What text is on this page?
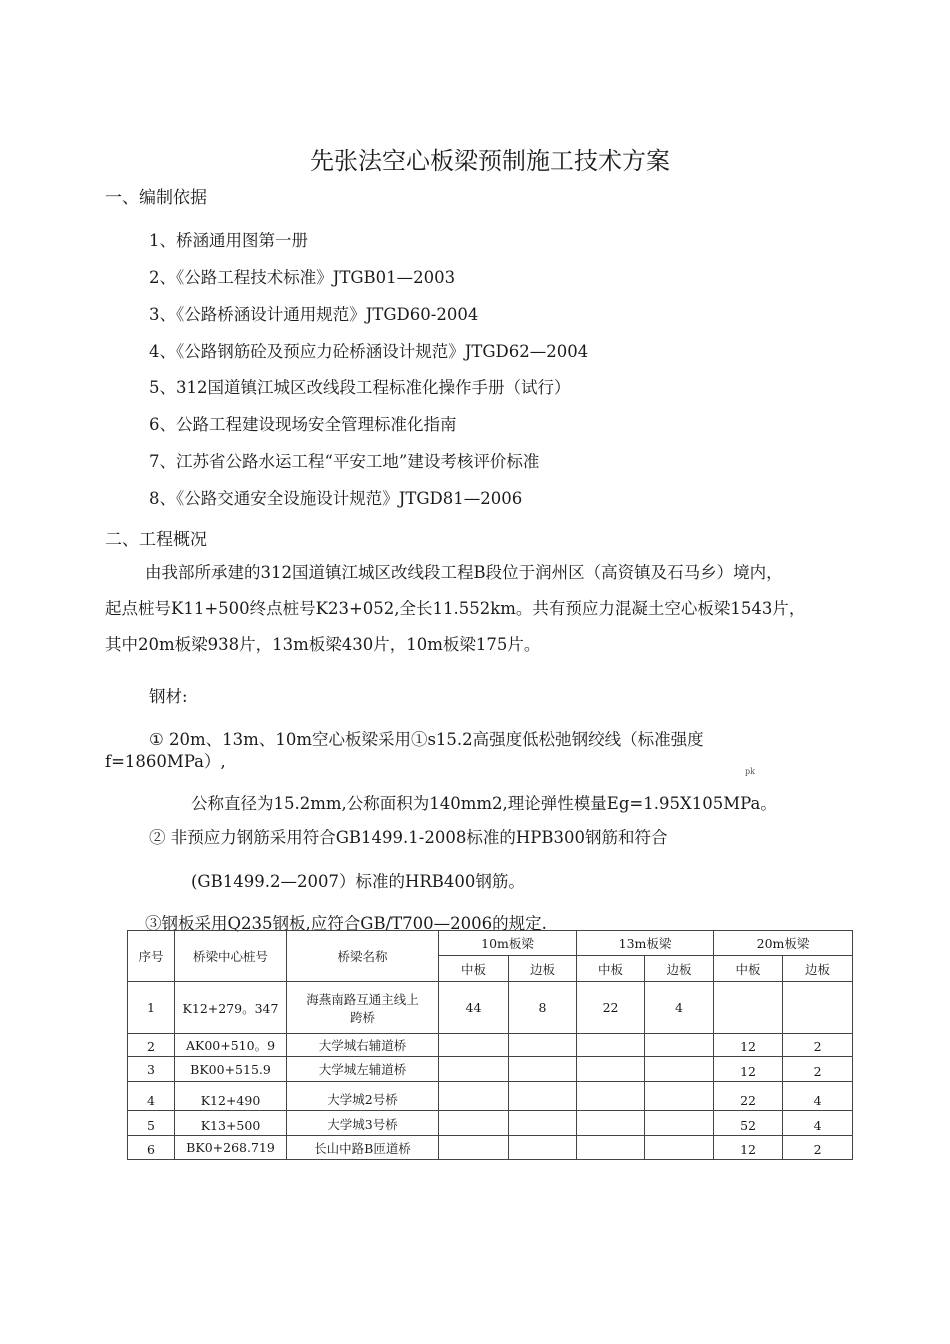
先张法空心板梁预制施工技术方案
一、编制依据
1、桥涵通用图第一册
2、《公路工程技术标准》JTGB01—2003
3、《公路桥涵设计通用规范》JTGD60-2004
4、《公路钢筋砼及预应力砼桥涵设计规范》JTGD62—2004
5、312国道镇江城区改线段工程标准化操作手册（试行）
6、公路工程建设现场安全管理标准化指南
7、江苏省公路水运工程“平安工地”建设考核评价标准
8、《公路交通安全设施设计规范》JTGD81—2006
二、工程概况
由我部所承建的312国道镇江城区改线段工程B段位于润州区（高资镇及石马乡）境内，
起点桩号K11+500终点桩号K23+052,全长11.552km。共有预应力混凝土空心板梁1543片，
其中20m板梁938片，13m板梁430片，10m板梁175片。
钢材:
① 20m、13m、10m空心板梁采用①s15.2高强度低松弛钢绞线（标准强度
f=1860MPa）,
pk
公称直径为15.2mm,公称面积为140mm2,理论弹性模量Eg=1.95X105MPa。
② 非预应力钢筋采用符合GB1499.1-2008标准的HPB300钢筋和符合
(GB1499.2—2007）标准的HRB400钢筋。
③钢板采用Q235钢板,应符合GB/T700—2006的规定.
序号	桥梁中心桩号	桥梁名称	10m板梁		13m板梁		20m板梁	
			中板	边板	中板	边板	中板	边板
1	K12+279。347	海燕南路互通主线上
跨桥	44	8	22	4		
2	AK00+510。9	大学城右辅道桥					12	2
3	BK00+515.9	大学城左辅道桥					12	2
4	K12+490	大学城2号桥					22	4
5	K13+500	大学城3号桥					52	4
6	BK0+268.719	长山中路B匝道桥					12	2
